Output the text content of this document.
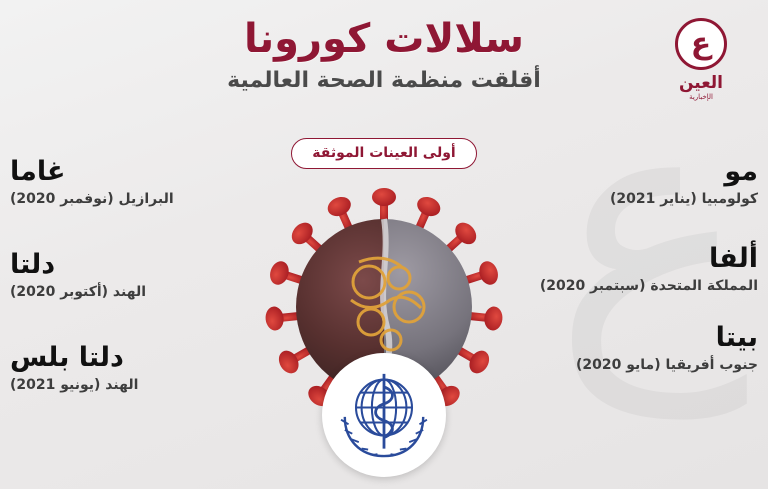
ع
العين
الإخبارية
سلالات كورونا
أقلقت منظمة الصحة العالمية
أولى العينات الموثقة
مو
كولومبيا (يناير 2021)
ألفا
المملكة المتحدة (سبتمبر 2020)
بيتا
جنوب أفريقيا (مايو 2020)
غاما
البرازيل (نوفمبر 2020)
دلتا
الهند (أكتوبر 2020)
دلتا بلس
الهند (يونيو 2021)
